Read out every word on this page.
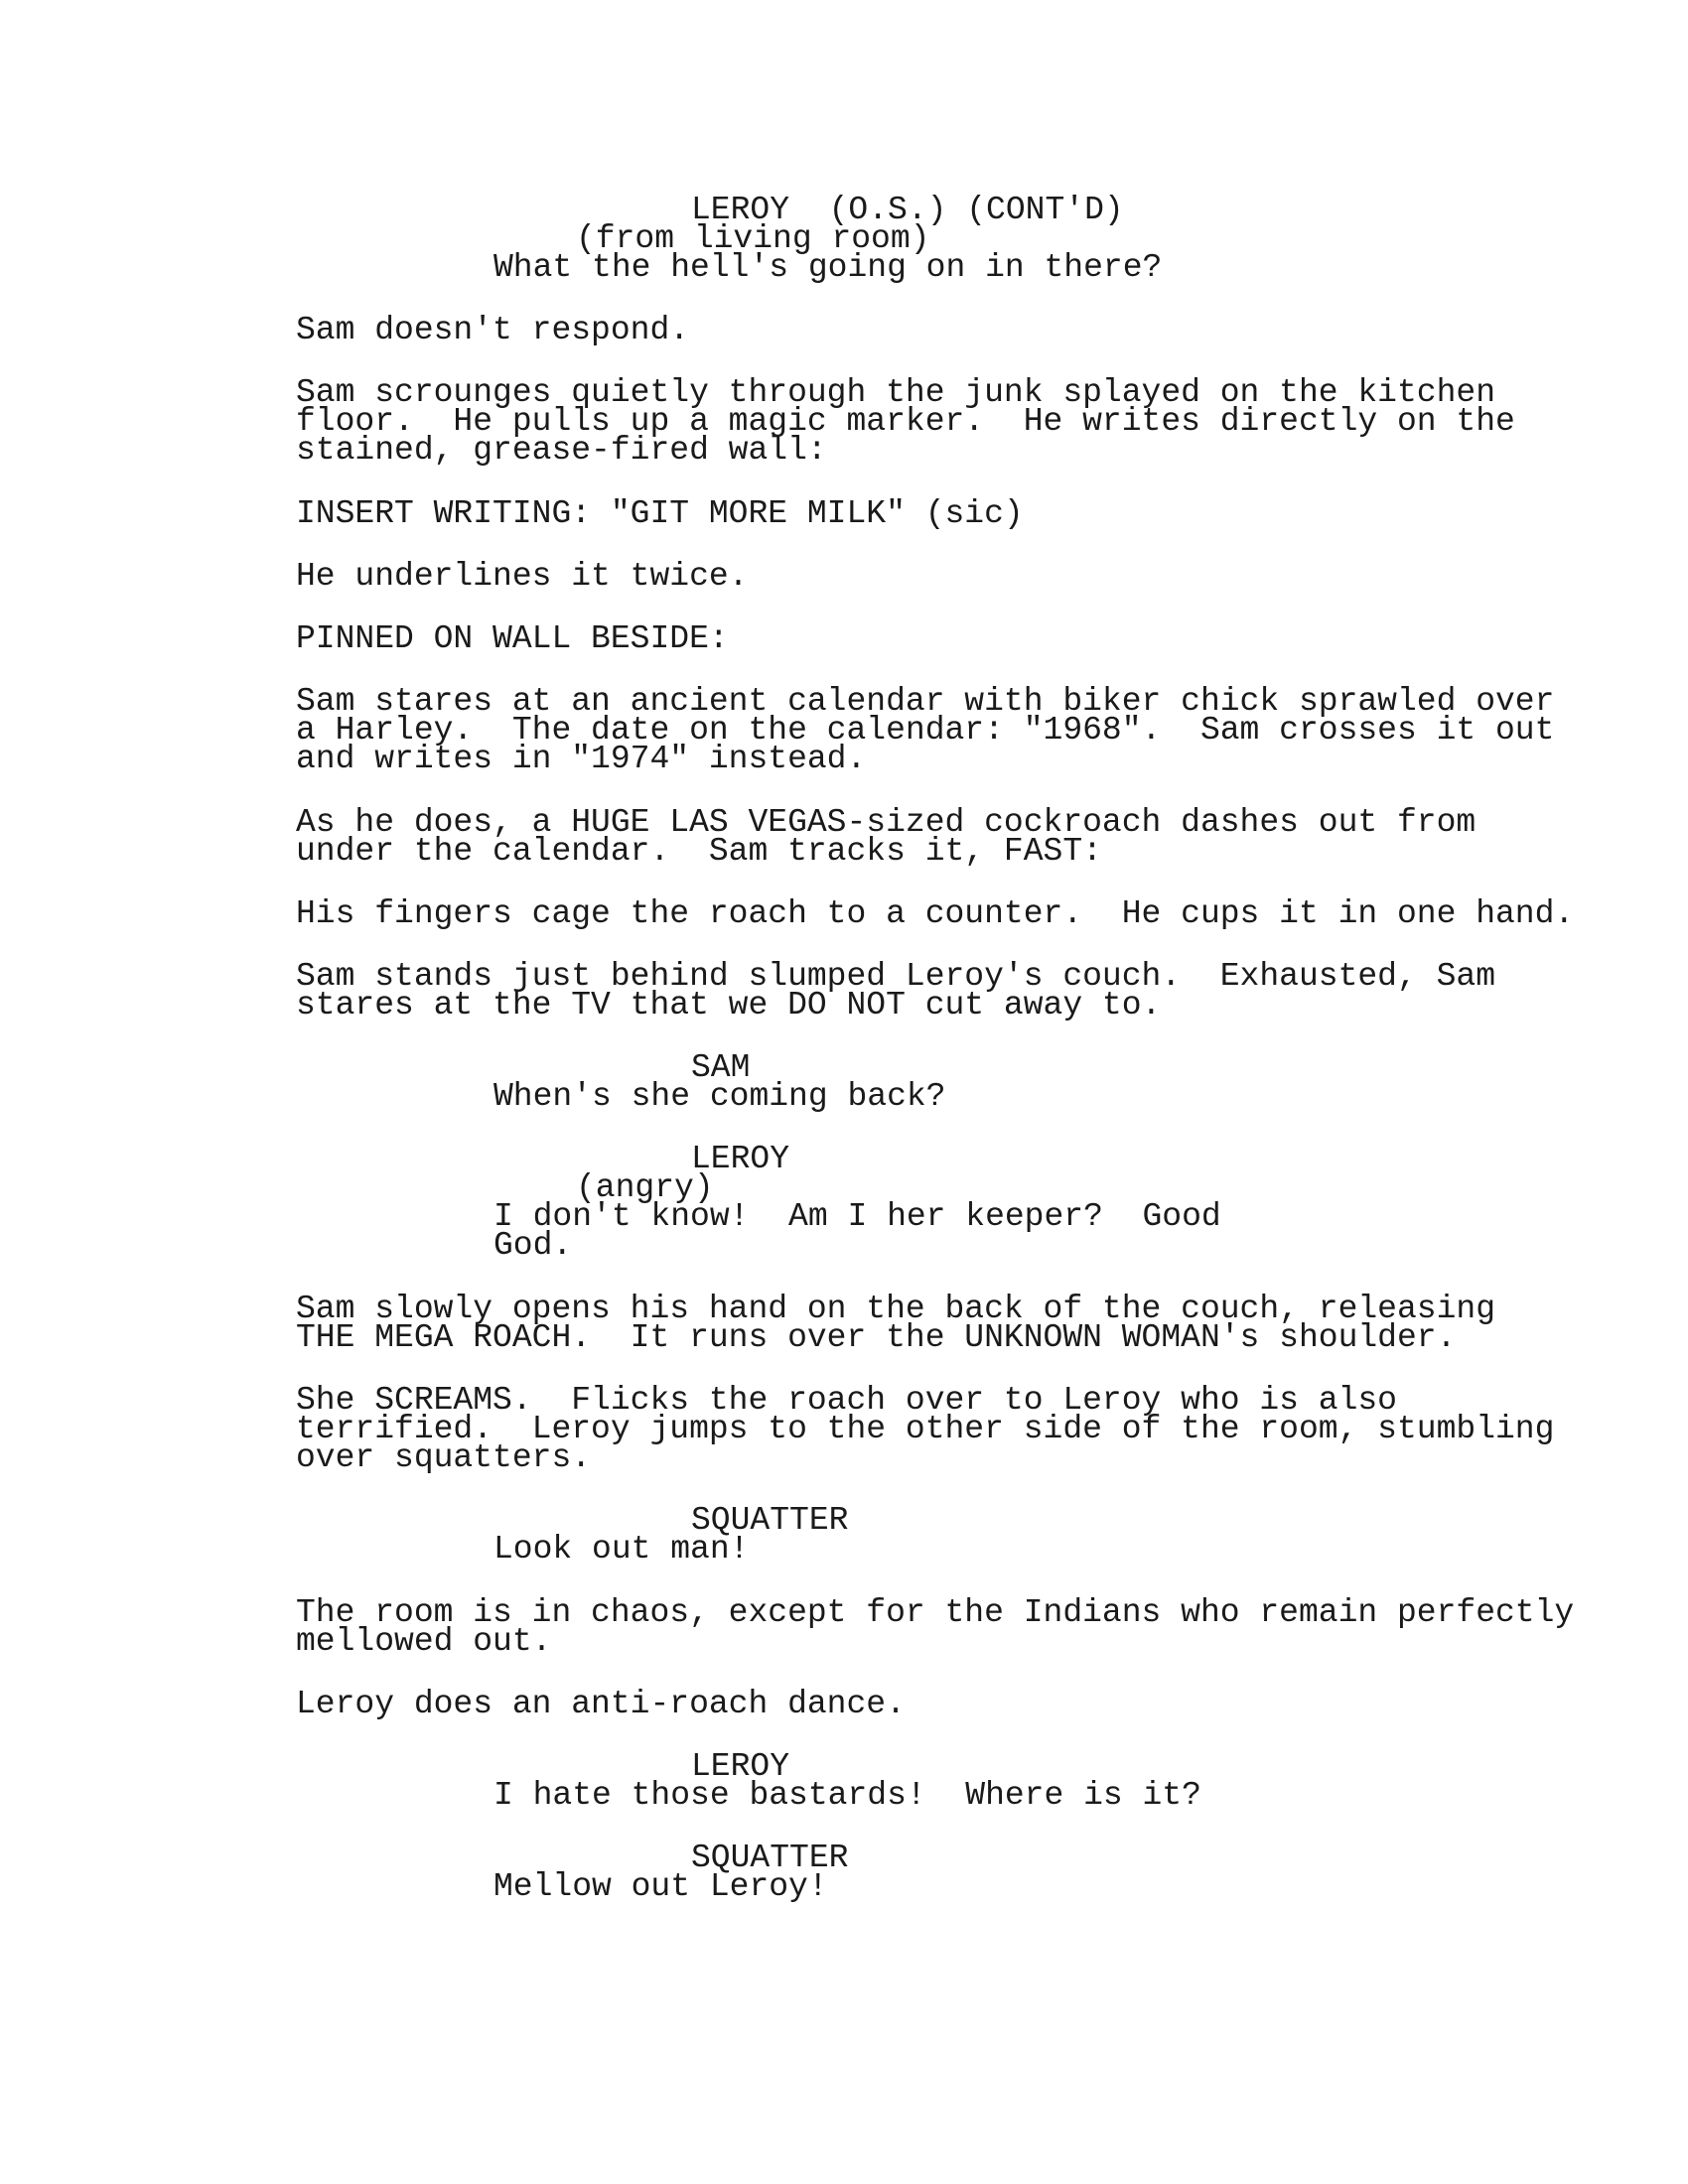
LEROY  (O.S.) (CONT'D)

(from living room)

What the hell's going on in there?

Sam doesn't respond.

Sam scrounges quietly through the junk splayed on the kitchen

floor.  He pulls up a magic marker.  He writes directly on the

stained, grease-fired wall:

INSERT WRITING: "GIT MORE MILK" (sic)

He underlines it twice.

PINNED ON WALL BESIDE:

Sam stares at an ancient calendar with biker chick sprawled over

a Harley.  The date on the calendar: "1968".  Sam crosses it out

and writes in "1974" instead.

As he does, a HUGE LAS VEGAS-sized cockroach dashes out from

under the calendar.  Sam tracks it, FAST:

His fingers cage the roach to a counter.  He cups it in one hand.

Sam stands just behind slumped Leroy's couch.  Exhausted, Sam

stares at the TV that we DO NOT cut away to.

SAM

When's she coming back?

LEROY

(angry)

I don't know!  Am I her keeper?  Good

God.

Sam slowly opens his hand on the back of the couch, releasing

THE MEGA ROACH.  It runs over the UNKNOWN WOMAN's shoulder.

She SCREAMS.  Flicks the roach over to Leroy who is also

terrified.  Leroy jumps to the other side of the room, stumbling

over squatters.

SQUATTER

Look out man!

The room is in chaos, except for the Indians who remain perfectly

mellowed out.

Leroy does an anti-roach dance.

LEROY

I hate those bastards!  Where is it?

SQUATTER

Mellow out Leroy!
